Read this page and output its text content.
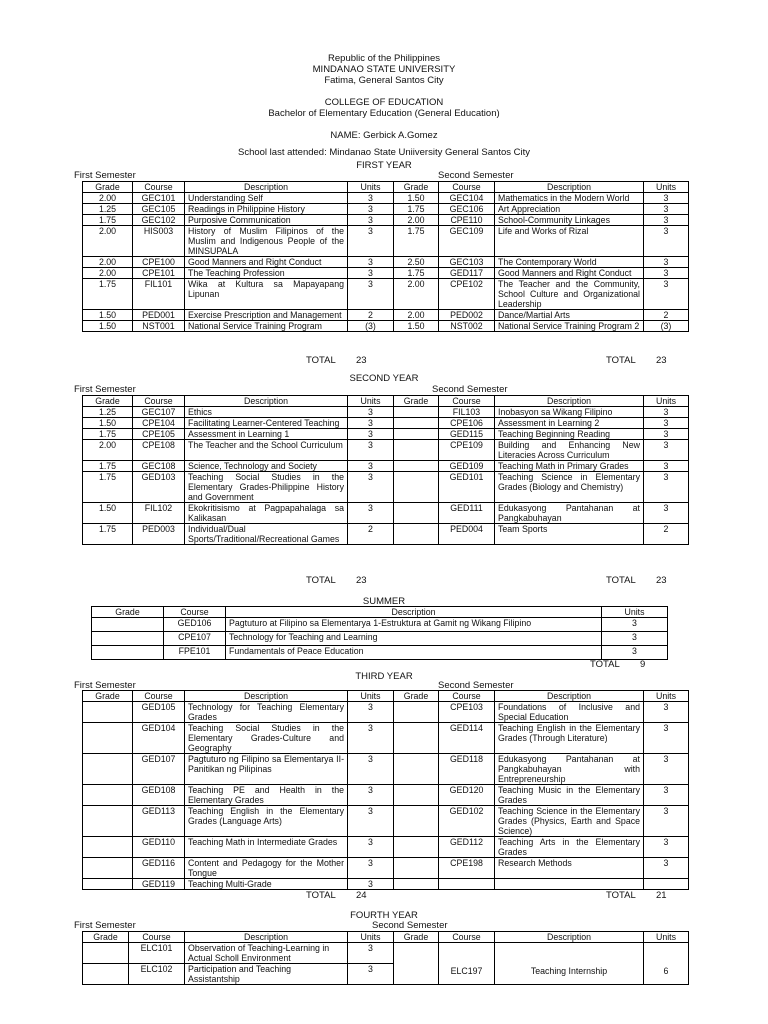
Republic of the Philippines
MINDANAO STATE UNIVERSITY
Fatima, General Santos City
COLLEGE OF EDUCATION
Bachelor of Elementary Education (General Education)
NAME: Gerbick A.Gomez
School last attended: Mindanao State Uniiversity General Santos City
FIRST YEAR
First Semester	Second Semester
Grade	Course	Description	Units	Grade	Course	Description	Units
2.00	GEC101	Understanding Self	3	1.50	GEC104	Mathematics in the Modern World	3
1.25	GEC105	Readings in Philippine History	3	1.75	GEC106	Art Appreciation	3
1.75	GEC102	Purposive Communication	3	2.00	CPE110	School-Community Linkages	3
2.00	HIS003	History of Muslim Filipinos of the Muslim and Indigenous People of the MINSUPALA	3	1.75	GEC109	Life and Works of Rizal	3
2.00	CPE100	Good Manners and Right Conduct	3	2.50	GEC103	The Contemporary World	3
2.00	CPE101	The Teaching Profession	3	1.75	GED117	Good Manners and Right Conduct	3
1.75	FIL101	Wika at Kultura sa Mapayapang Lipunan	3	2.00	CPE102	The Teacher and the Community, School Culture and Organizational Leadership	3
1.50	PED001	Exercise Prescription and Management	2	2.00	PED002	Dance/Martial Arts	2
1.50	NST001	National Service Training Program	(3)	1.50	NST002	National Service Training Program 2	(3)
TOTAL 23	TOTAL 23
SECOND YEAR
First Semester	Second Semester
Grade	Course	Description	Units	Grade	Course	Description	Units
1.25	GEC107	Ethics	3		FIL103	Inobasyon sa Wikang Filipino	3
1.50	CPE104	Facilitating Learner-Centered Teaching	3		CPE106	Assessment in Learning 2	3
1.75	CPE105	Assessment in Learning 1	3		GED115	Teaching Beginning Reading	3
2.00	CPE108	The Teacher and the School Curriculum	3		CPE109	Building and Enhancing New Literacies Across Curriculum	3
1.75	GEC108	Science, Technology and Society	3		GED109	Teaching Math in Primary Grades	3
1.75	GED103	Teaching Social Studies in the Elementary Grades-Philippine History and Government	3		GED101	Teaching Science in Elementary Grades (Biology and Chemistry)	3
1.50	FIL102	Ekokritisismo at Pagpapahalaga sa Kalikasan	3		GED111	Edukasyong Pantahanan at Pangkabuhayan	3
1.75	PED003	Individual/Dual Sports/Traditional/Recreational Games	2		PED004	Team Sports	2
TOTAL 23	TOTAL 23
SUMMER
Grade	Course	Description	Units
	GED106	Pagtuturo at Filipino sa Elementarya 1-Estruktura at Gamit ng Wikang Filipino	3
	CPE107	Technology for Teaching and Learning	3
	FPE101	Fundamentals of Peace Education	3
TOTAL 9
THIRD YEAR
First Semester	Second Semester
Grade	Course	Description	Units	Grade	Course	Description	Units
	GED105	Technology for Teaching Elementary Grades	3		CPE103	Foundations of Inclusive and Special Education	3
	GED104	Teaching Social Studies in the Elementary Grades-Culture and Geography	3		GED114	Teaching English in the Elementary Grades (Through Literature)	3
	GED107	Pagtuturo ng Filipino sa Elementarya II-Panitikan ng Pilipinas	3		GED118	Edukasyong Pantahanan at Pangkabuhayan with Entrepreneurship	3
	GED108	Teaching PE and Health in the Elementary Grades	3		GED120	Teaching Music in the Elementary Grades	3
	GED113	Teaching English in the Elementary Grades (Language Arts)	3		GED102	Teaching Science in the Elementary Grades (Physics, Earth and Space Science)	3
	GED110	Teaching Math in Intermediate Grades	3		GED112	Teaching Arts in the Elementary Grades	3
	GED116	Content and Pedagogy for the Mother Tongue	3		CPE198	Research Methods	3
	GED119	Teaching Multi-Grade	3				
TOTAL 24	TOTAL 21
FOURTH YEAR
First Semester	Second Semester
Grade	Course	Description	Units	Grade	Course	Description	Units
	ELC101	Observation of Teaching-Learning in Actual Scholl Environment	3		ELC197	Teaching Internship	6
	ELC102	Participation and Teaching Assistantship	3				
